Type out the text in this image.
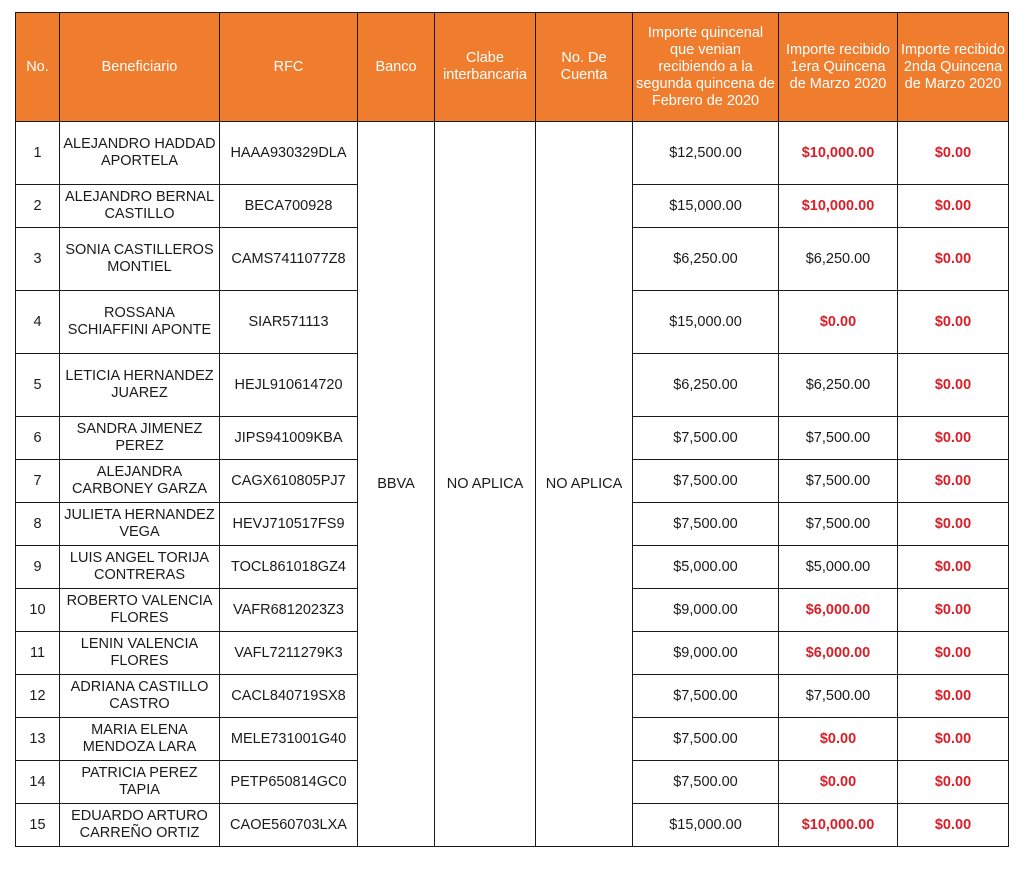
No.	Beneficiario	RFC	Banco	Clabe interbancaria	No. De Cuenta	Importe quincenal que venian recibiendo a la segunda quincena de Febrero de 2020	Importe recibido 1era Quincena de Marzo 2020	Importe recibido 2nda Quincena de Marzo 2020
1	ALEJANDRO HADDAD APORTELA	HAAA930329DLA	BBVA	NO APLICA	NO APLICA	$12,500.00	$10,000.00	$0.00
2	ALEJANDRO BERNAL CASTILLO	BECA700928				$15,000.00	$10,000.00	$0.00
3	SONIA CASTILLEROS MONTIEL	CAMS7411077Z8				$6,250.00	$6,250.00	$0.00
4	ROSSANA SCHIAFFINI APONTE	SIAR571113				$15,000.00	$0.00	$0.00
5	LETICIA HERNANDEZ JUAREZ	HEJL910614720				$6,250.00	$6,250.00	$0.00
6	SANDRA JIMENEZ PEREZ	JIPS941009KBA				$7,500.00	$7,500.00	$0.00
7	ALEJANDRA CARBONEY GARZA	CAGX610805PJ7				$7,500.00	$7,500.00	$0.00
8	JULIETA HERNANDEZ VEGA	HEVJ710517FS9				$7,500.00	$7,500.00	$0.00
9	LUIS ANGEL TORIJA CONTRERAS	TOCL861018GZ4				$5,000.00	$5,000.00	$0.00
10	ROBERTO VALENCIA FLORES	VAFR6812023Z3				$9,000.00	$6,000.00	$0.00
11	LENIN VALENCIA FLORES	VAFL7211279K3				$9,000.00	$6,000.00	$0.00
12	ADRIANA CASTILLO CASTRO	CACL840719SX8				$7,500.00	$7,500.00	$0.00
13	MARIA ELENA MENDOZA LARA	MELE731001G40				$7,500.00	$0.00	$0.00
14	PATRICIA PEREZ TAPIA	PETP650814GC0				$7,500.00	$0.00	$0.00
15	EDUARDO ARTURO CARREÑO ORTIZ	CAOE560703LXA				$15,000.00	$10,000.00	$0.00
